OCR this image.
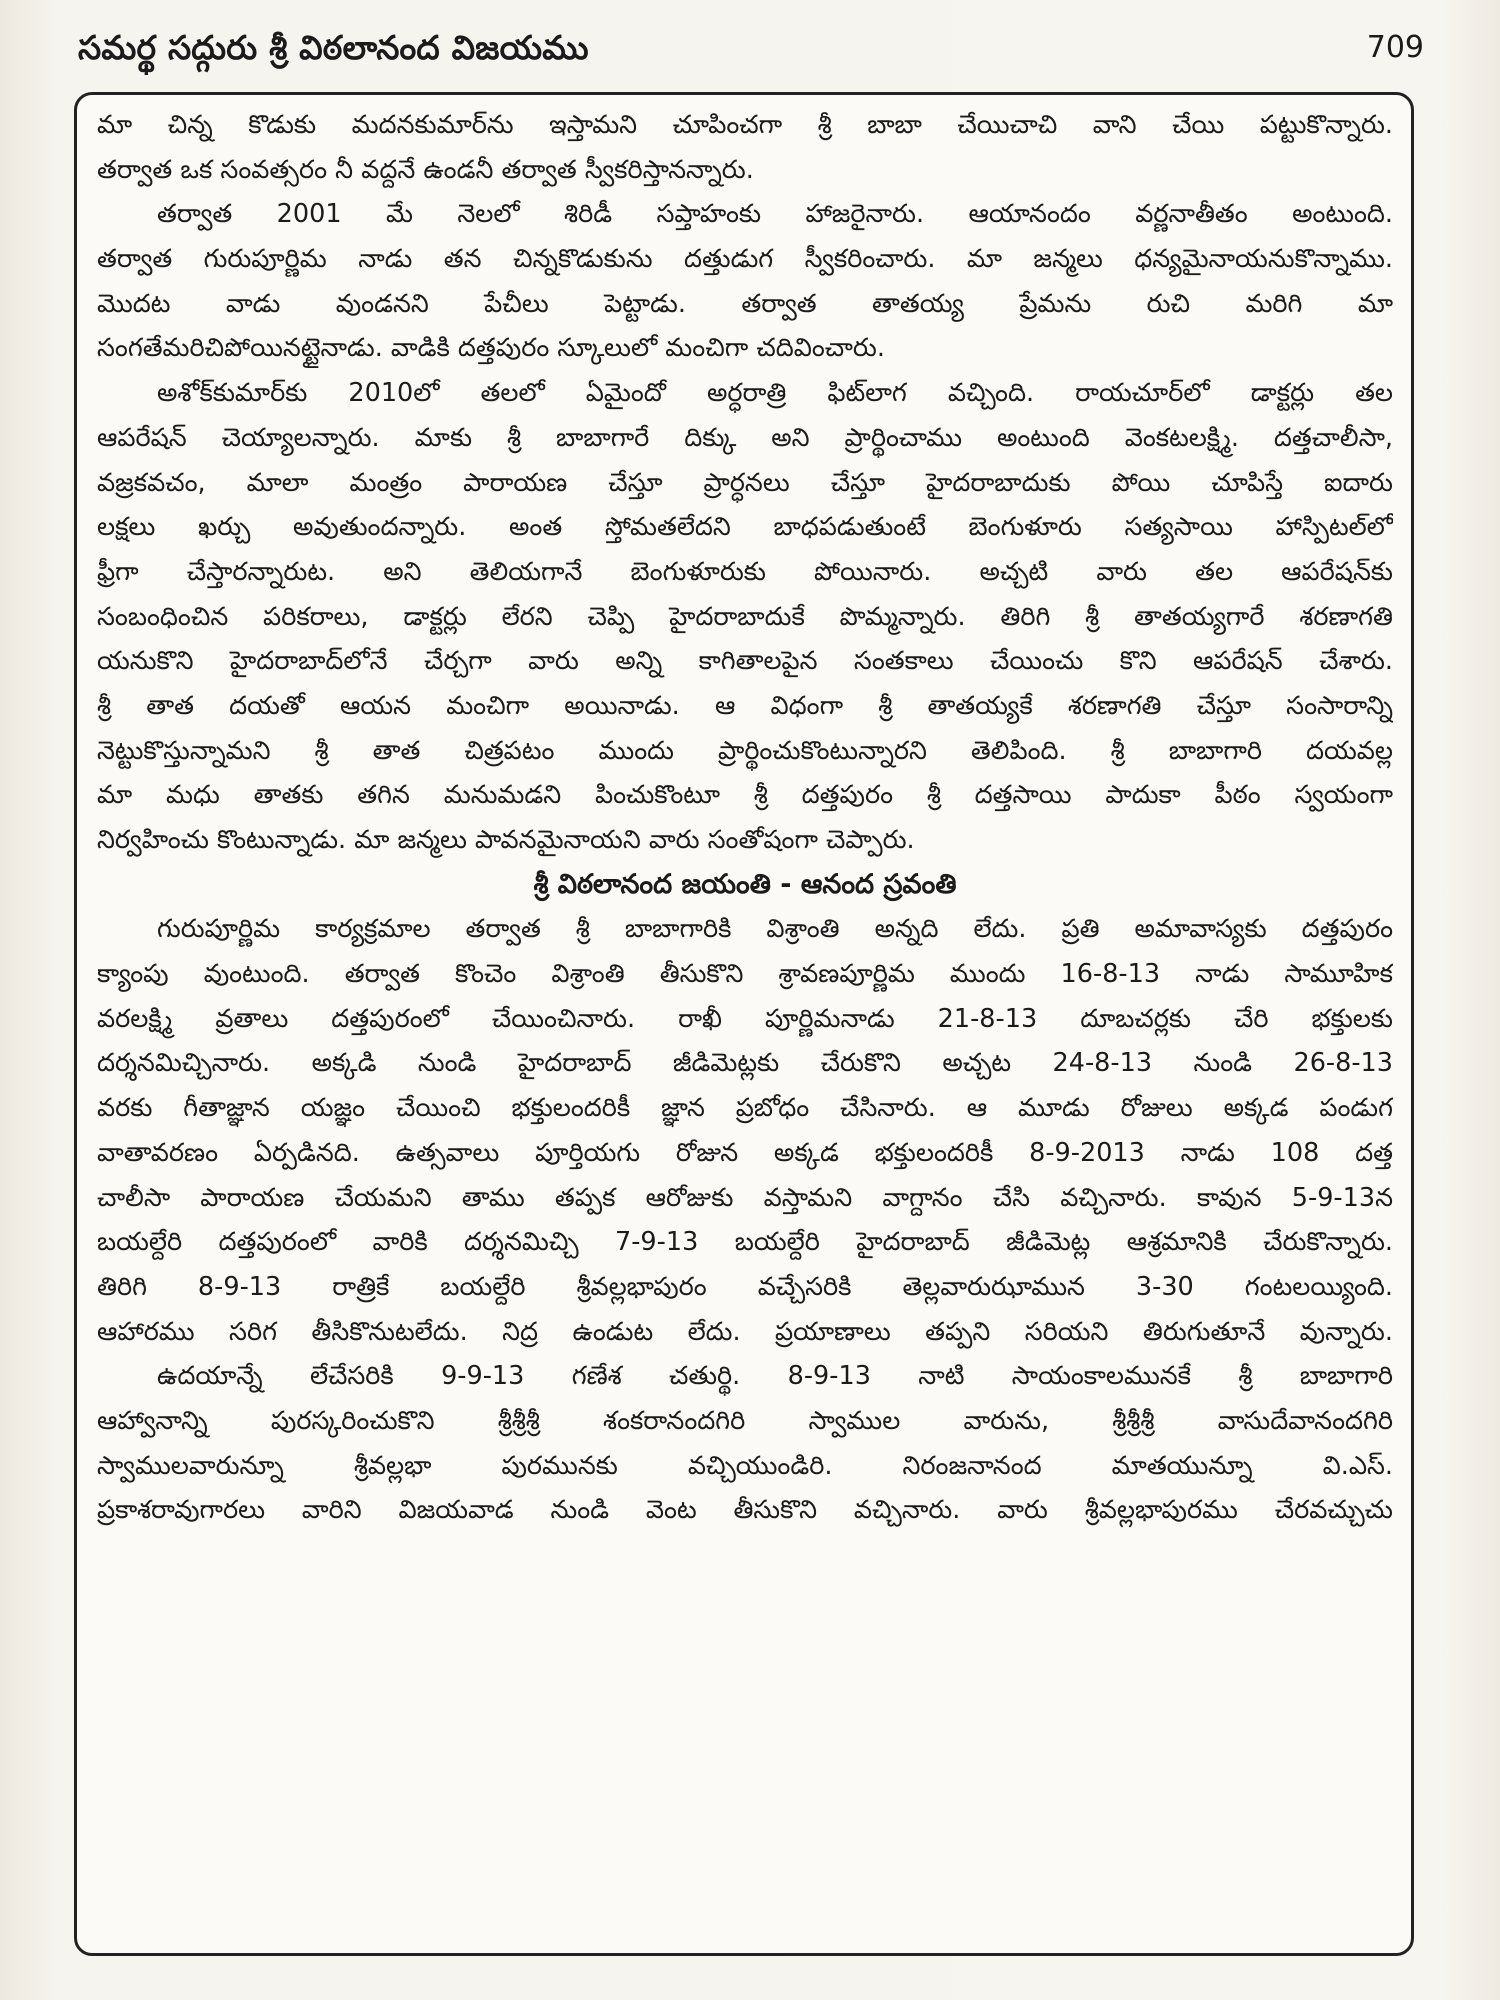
సమర్థ సద్గురు శ్రీ విఠలానంద విజయము	709
మా చిన్న కొడుకు మదనకుమార్‌ను ఇస్తామని చూపించగా శ్రీ బాబా చేయిచాచి వాని చేయి పట్టుకొన్నారు.
తర్వాత ఒక సంవత్సరం నీ వద్దనే ఉండనీ తర్వాత స్వీకరిస్తానన్నారు.
తర్వాత 2001 మే నెలలో శిరిడీ సప్తాహంకు హాజరైనారు. ఆయానందం వర్ణనాతీతం అంటుంది.
తర్వాత గురుపూర్ణిమ నాడు తన చిన్నకొడుకును దత్తుడుగ స్వీకరించారు. మా జన్మలు ధన్యమైనాయనుకొన్నాము.
మొదట వాడు వుండనని పేచీలు పెట్టాడు. తర్వాత తాతయ్య ప్రేమను రుచి మరిగి మా
సంగతేమరిచిపోయినట్టైనాడు. వాడికి దత్తపురం స్కూలులో మంచిగా చదివించారు.
అశోక్‌కుమార్‌కు 2010లో తలలో ఏమైందో అర్ధరాత్రి ఫిట్‌లాగ వచ్చింది. రాయచూర్‌లో డాక్టర్లు తల
ఆపరేషన్ చెయ్యాలన్నారు. మాకు శ్రీ బాబాగారే దిక్కు అని ప్రార్థించాము అంటుంది వెంకటలక్ష్మి. దత్తచాలీసా,
వజ్రకవచం, మాలా మంత్రం పారాయణ చేస్తూ ప్రార్ధనలు చేస్తూ హైదరాబాదుకు పోయి చూపిస్తే ఐదారు
లక్షలు ఖర్చు అవుతుందన్నారు. అంత స్తోమతలేదని బాధపడుతుంటే బెంగుళూరు సత్యసాయి హాస్పిటల్‌లో
ఫ్రీగా చేస్తారన్నారుట. అని తెలియగానే బెంగుళూరుకు పోయినారు. అచ్చటి వారు తల ఆపరేషన్‌కు
సంబంధించిన పరికరాలు, డాక్టర్లు లేరని చెప్పి హైదరాబాదుకే పొమ్మన్నారు. తిరిగి శ్రీ తాతయ్యగారే శరణాగతి
యనుకొని హైదరాబాద్‌లోనే చేర్చగా వారు అన్ని కాగితాలపైన సంతకాలు చేయించు కొని ఆపరేషన్ చేశారు.
శ్రీ తాత దయతో ఆయన మంచిగా అయినాడు. ఆ విధంగా శ్రీ తాతయ్యకే శరణాగతి చేస్తూ సంసారాన్ని
నెట్టుకొస్తున్నామని శ్రీ తాత చిత్రపటం ముందు ప్రార్థించుకొంటున్నారని తెలిపింది. శ్రీ బాబాగారి దయవల్ల
మా మధు తాతకు తగిన మనుమడని పించుకొంటూ శ్రీ దత్తపురం శ్రీ దత్తసాయి పాదుకా పీఠం స్వయంగా
నిర్వహించు కొంటున్నాడు. మా జన్మలు పావనమైనాయని వారు సంతోషంగా చెప్పారు.
శ్రీ విఠలానంద జయంతి - ఆనంద స్రవంతి
గురుపూర్ణిమ కార్యక్రమాల తర్వాత శ్రీ బాబాగారికి విశ్రాంతి అన్నది లేదు. ప్రతి అమావాస్యకు దత్తపురం
క్యాంపు వుంటుంది. తర్వాత కొంచెం విశ్రాంతి తీసుకొని శ్రావణపూర్ణిమ ముందు 16-8-13 నాడు సామూహిక
వరలక్ష్మి వ్రతాలు దత్తపురంలో చేయించినారు. రాఖీ పూర్ణిమనాడు 21-8-13 దూబచర్లకు చేరి భక్తులకు
దర్శనమిచ్చినారు. అక్కడి నుండి హైదరాబాద్ జీడిమెట్లకు చేరుకొని అచ్చట 24-8-13 నుండి 26-8-13
వరకు గీతాజ్ఞాన యజ్ఞం చేయించి భక్తులందరికీ జ్ఞాన ప్రబోధం చేసినారు. ఆ మూడు రోజులు అక్కడ పండుగ
వాతావరణం ఏర్పడినది. ఉత్సవాలు పూర్తియగు రోజున అక్కడ భక్తులందరికీ 8-9-2013 నాడు 108 దత్త
చాలీసా పారాయణ చేయమని తాము తప్పక ఆరోజుకు వస్తామని వాగ్దానం చేసి వచ్చినారు. కావున 5-9-13న
బయల్దేరి దత్తపురంలో వారికి దర్శనమిచ్చి 7-9-13 బయల్దేరి హైదరాబాద్ జీడిమెట్ల ఆశ్రమానికి చేరుకొన్నారు.
తిరిగి 8-9-13 రాత్రికే బయల్దేరి శ్రీవల్లభాపురం వచ్చేసరికి తెల్లవారుఝామున 3-30 గంటలయ్యింది.
ఆహారము సరిగ తీసికొనుటలేదు. నిద్ర ఉండుట లేదు. ప్రయాణాలు తప్పని సరియని తిరుగుతూనే వున్నారు.
ఉదయాన్నే లేచేసరికి 9-9-13 గణేశ చతుర్థి. 8-9-13 నాటి సాయంకాలమునకే శ్రీ బాబాగారి
ఆహ్వానాన్ని పురస్కరించుకొని శ్రీశ్రీశ్రీ శంకరానందగిరి స్వాముల వారును, శ్రీశ్రీశ్రీ వాసుదేవానందగిరి
స్వాములవారున్నూ శ్రీవల్లభా పురమునకు వచ్చియుండిరి. నిరంజనానంద మాతయున్నూ వి.ఎస్.
ప్రకాశరావుగారలు వారిని విజయవాడ నుండి వెంట తీసుకొని వచ్చినారు. వారు శ్రీవల్లభాపురము చేరవచ్చుచు
